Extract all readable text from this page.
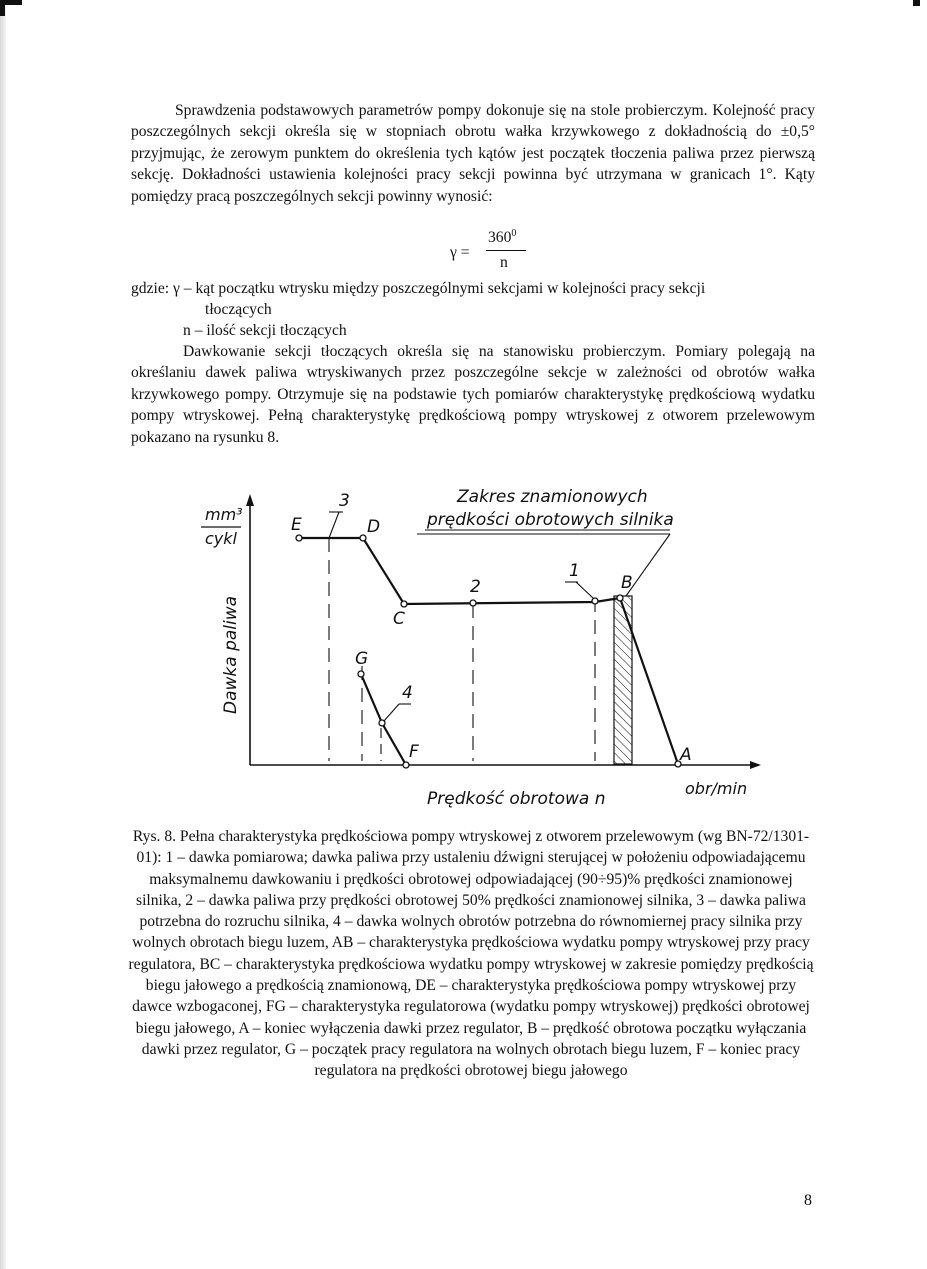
Sprawdzenia podstawowych parametrów pompy dokonuje się na stole probierczym. Kolejność pracy poszczególnych sekcji określa się w stopniach obrotu wałka krzywkowego z dokładnością do ±0,5° przyjmując, że zerowym punktem do określenia tych kątów jest początek tłoczenia paliwa przez pierwszą sekcję. Dokładności ustawienia kolejności pracy sekcji powinna być utrzymana w granicach 1°. Kąty pomiędzy pracą poszczególnych sekcji powinny wynosić:

γ =
$360^0$
n

gdzie: γ – kąt początku wtrysku między poszczególnymi sekcjami w kolejności pracy sekcji

tłoczących

n – ilość sekcji tłoczących

Dawkowanie sekcji tłoczących określa się na stanowisku probierczym. Pomiary polegają na określaniu dawek paliwa wtryskiwanych przez poszczególne sekcje w zależności od obrotów wałka krzywkowego pompy. Otrzymuje się na podstawie tych pomiarów charakterystykę prędkościową wydatku pompy wtryskowej. Pełną charakterystykę prędkościową pompy wtryskowej z otworem przelewowym pokazano na rysunku 8.

mm³
cykl
Dawka paliwa
Zakres znamionowych
prędkości obrotowych silnika
E	D
C
B
A
G
F
3
2
1
4
Prędkość obrotowa n
obr/min

Rys. 8. Pełna charakterystyka prędkościowa pompy wtryskowej z otworem przelewowym (wg BN-72/1301-01): 1 – dawka pomiarowa; dawka paliwa przy ustaleniu dźwigni sterującej w położeniu odpowiadającemu maksymalnemu dawkowaniu i prędkości obrotowej odpowiadającej (90÷95)% prędkości znamionowej silnika, 2 – dawka paliwa przy prędkości obrotowej 50% prędkości znamionowej silnika, 3 – dawka paliwa potrzebna do rozruchu silnika, 4 – dawka wolnych obrotów potrzebna do równomiernej pracy silnika przy wolnych obrotach biegu luzem, AB – charakterystyka prędkościowa wydatku pompy wtryskowej przy pracy regulatora, BC – charakterystyka prędkościowa wydatku pompy wtryskowej w zakresie pomiędzy prędkością biegu jałowego a prędkością znamionową, DE – charakterystyka prędkościowa pompy wtryskowej przy dawce wzbogaconej, FG – charakterystyka regulatorowa (wydatku pompy wtryskowej) prędkości obrotowej biegu jałowego, A – koniec wyłączenia dawki przez regulator, B – prędkość obrotowa początku wyłączania dawki przez regulator, G – początek pracy regulatora na wolnych obrotach biegu luzem, F – koniec pracy regulatora na prędkości obrotowej biegu jałowego

8
